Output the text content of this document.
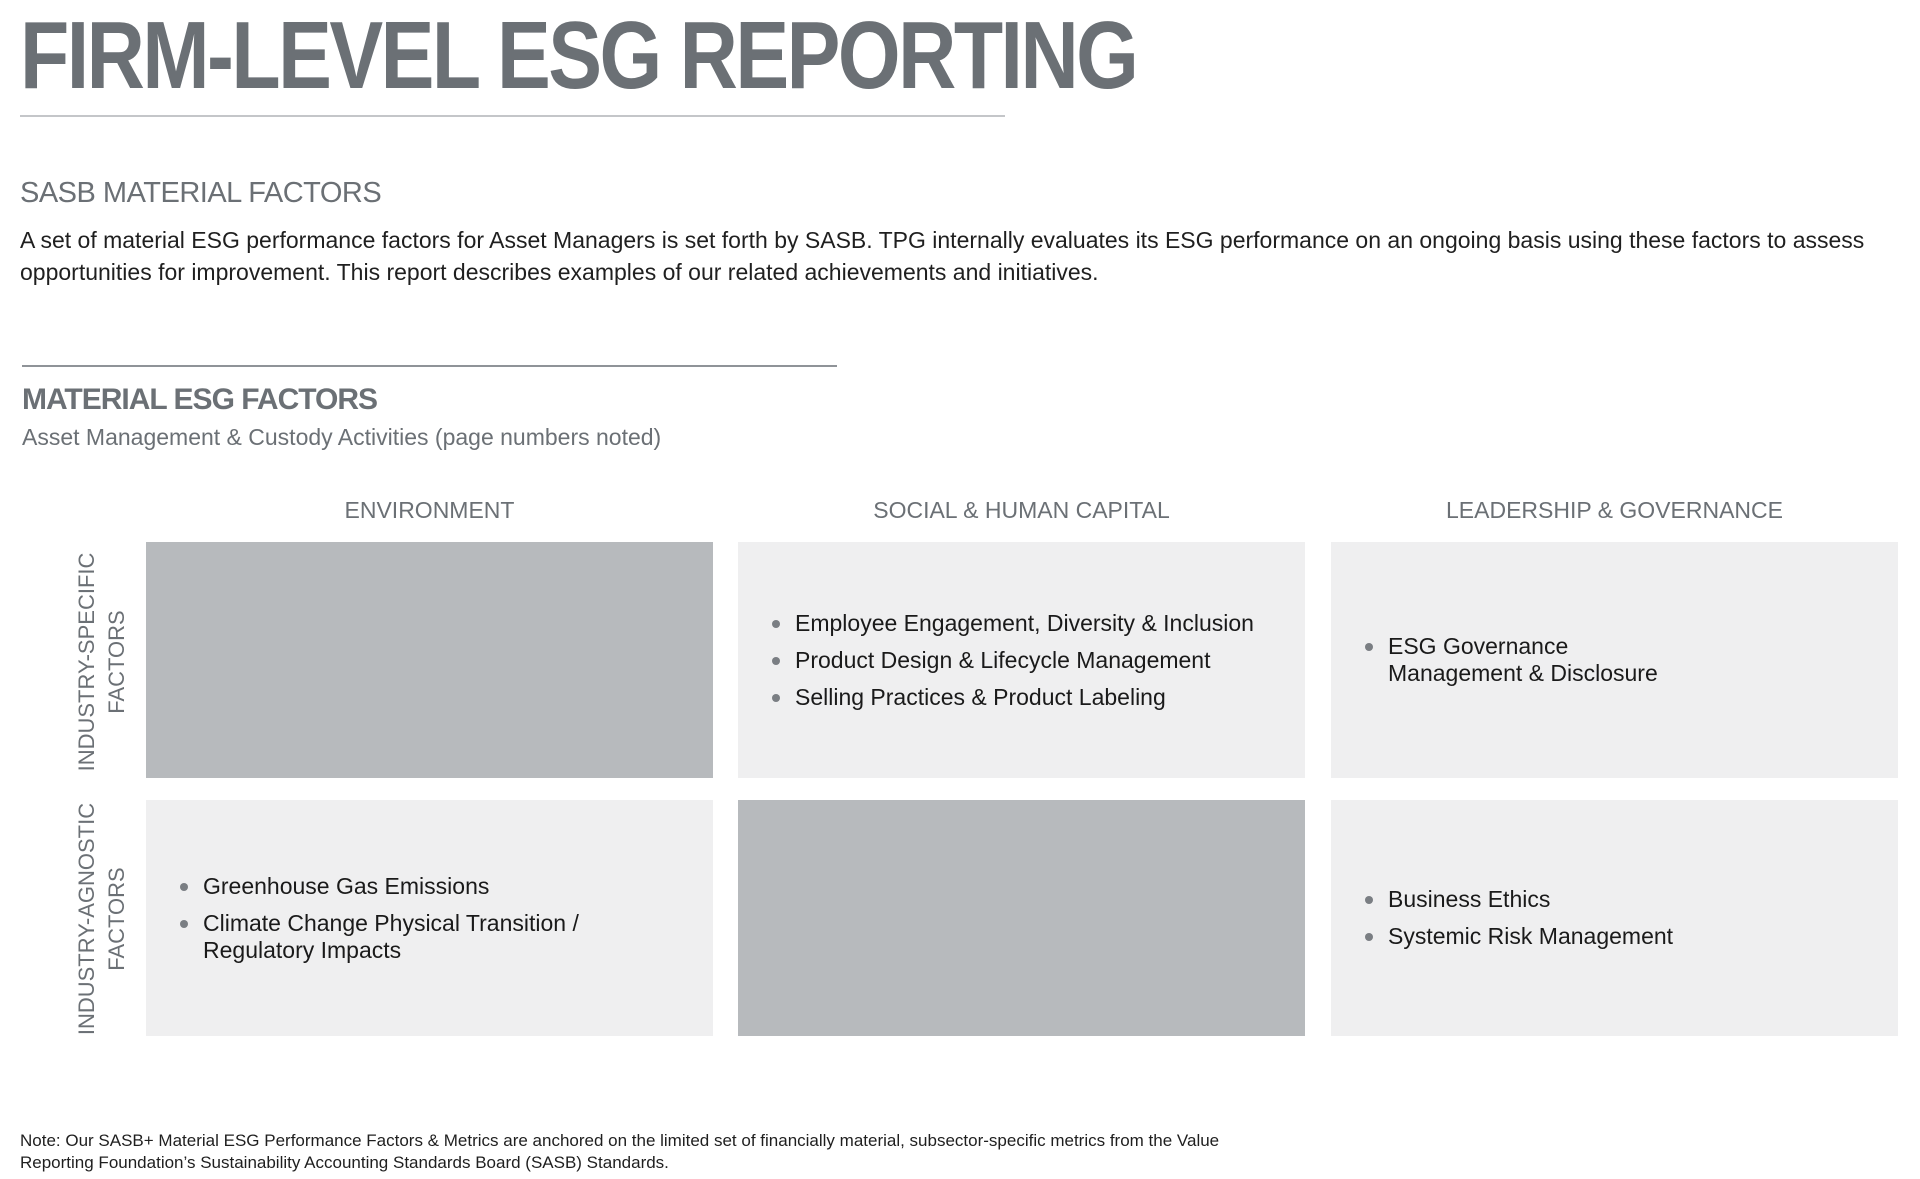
FIRM-LEVEL ESG REPORTING
SASB MATERIAL FACTORS

A set of material ESG performance factors for Asset Managers is set forth by SASB. TPG internally evaluates its ESG performance on an ongoing basis using these factors to assess opportunities for improvement. This report describes examples of our related achievements and initiatives.

MATERIAL ESG FACTORS

Asset Management & Custody Activities (page numbers noted)

ENVIRONMENT	SOCIAL & HUMAN CAPITAL	LEADERSHIP & GOVERNANCE
INDUSTRY-SPECIFIC FACTORS
INDUSTRY-AGNOSTIC FACTORS
Employee Engagement, Diversity & Inclusion
Product Design & Lifecycle Management
Selling Practices & Product Labeling
ESG Governance Management & Disclosure
Greenhouse Gas Emissions
Climate Change Physical Transition / Regulatory Impacts
Business Ethics
Systemic Risk Management

Note: Our SASB+ Material ESG Performance Factors & Metrics are anchored on the limited set of financially material, subsector-specific metrics from the Value Reporting Foundation’s Sustainability Accounting Standards Board (SASB) Standards.
